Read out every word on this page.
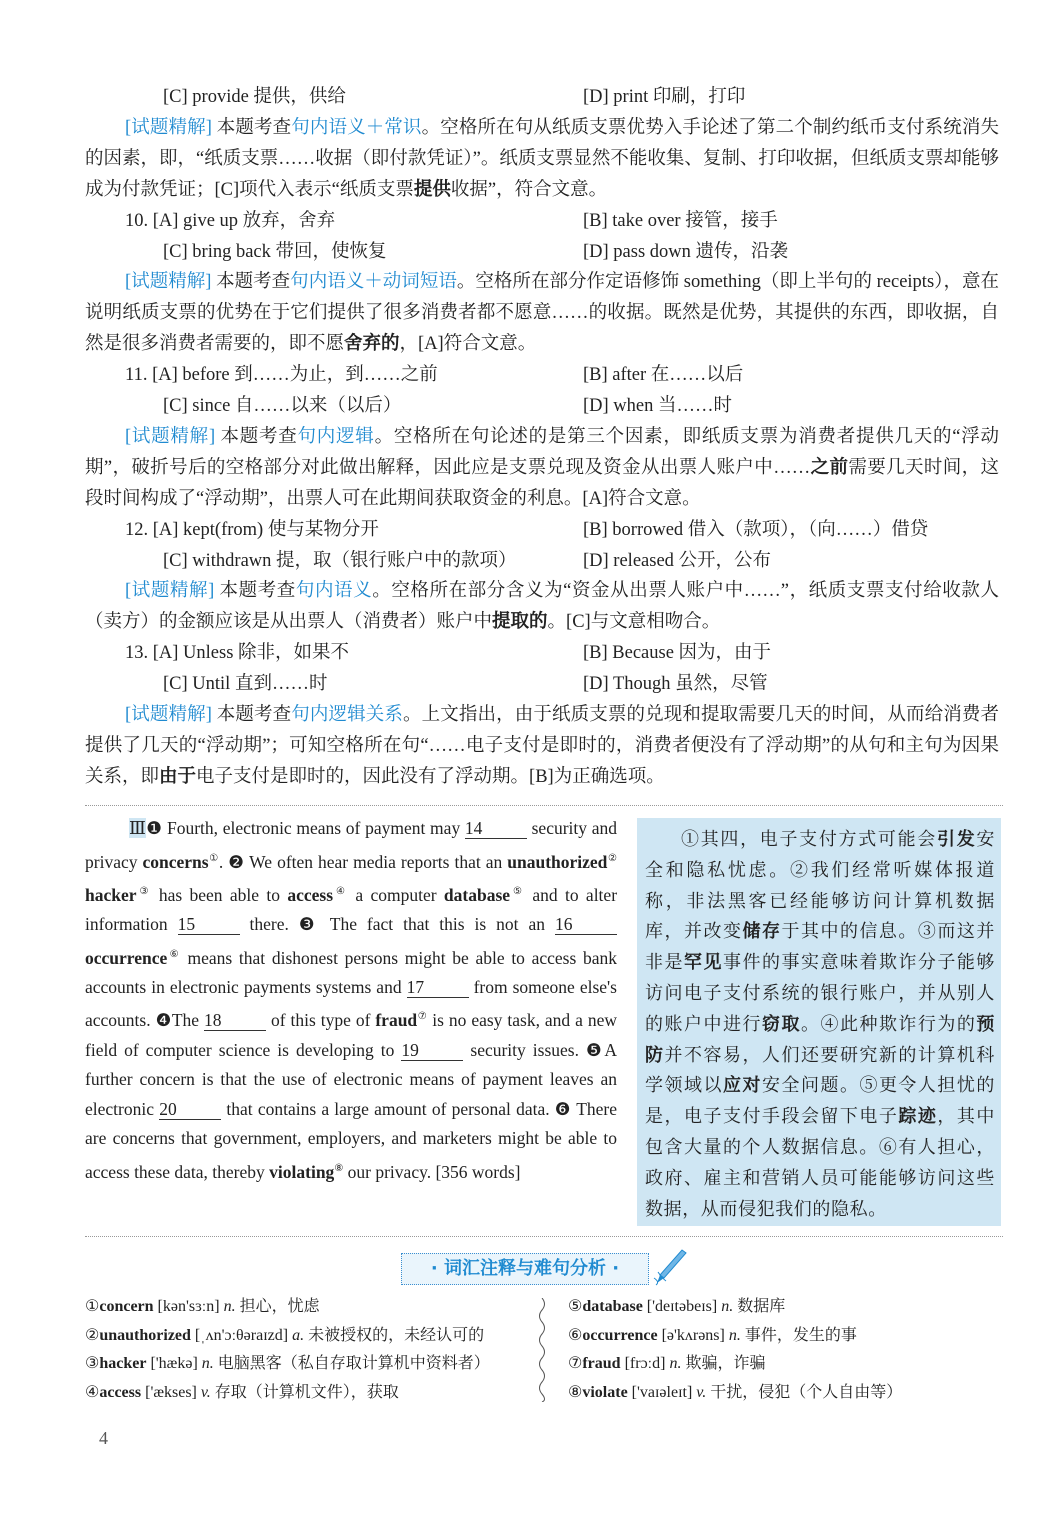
[C] provide 提供，供给	[D] print 印刷，打印
[试题精解] 本题考查句内语义＋常识。空格所在句从纸质支票优势入手论述了第二个制约纸币支付系统消失的因素，即，“纸质支票……收据（即付款凭证）”。纸质支票显然不能收集、复制、打印收据，但纸质支票却能够成为付款凭证；[C]项代入表示“纸质支票提供收据”，符合文意。
10. [A] give up 放弃，舍弃	[B] take over 接管，接手
[C] bring back 带回，使恢复	[D] pass down 遗传，沿袭
[试题精解] 本题考查句内语义＋动词短语。空格所在部分作定语修饰 something（即上半句的 receipts），意在说明纸质支票的优势在于它们提供了很多消费者都不愿意……的收据。既然是优势，其提供的东西，即收据，自然是很多消费者需要的，即不愿舍弃的，[A]符合文意。
11. [A] before 到……为止，到……之前	[B] after 在……以后
[C] since 自……以来（以后）	[D] when 当……时
[试题精解] 本题考查句内逻辑。空格所在句论述的是第三个因素，即纸质支票为消费者提供几天的“浮动期”，破折号后的空格部分对此做出解释，因此应是支票兑现及资金从出票人账户中……之前需要几天时间，这段时间构成了“浮动期”，出票人可在此期间获取资金的利息。[A]符合文意。
12. [A] kept(from) 使与某物分开	[B] borrowed 借入（款项），（向……）借贷
[C] withdrawn 提，取（银行账户中的款项）	[D] released 公开，公布
[试题精解] 本题考查句内语义。空格所在部分含义为“资金从出票人账户中……”，纸质支票支付给收款人（卖方）的金额应该是从出票人（消费者）账户中提取的。[C]与文意相吻合。
13. [A] Unless 除非，如果不	[B] Because 因为，由于
[C] Until 直到……时	[D] Though 虽然，尽管
[试题精解] 本题考查句内逻辑关系。上文指出，由于纸质支票的兑现和提取需要几天的时间，从而给消费者提供了几天的“浮动期”；可知空格所在句“……电子支付是即时的，消费者便没有了浮动期”的从句和主句为因果关系，即由于电子支付是即时的，因此没有了浮动期。[B]为正确选项。
Ⅲ❶ Fourth, electronic means of payment may 14	security and privacy concerns①. ❷ We often hear media reports that an unauthorized② hacker③ has been able to access④ a computer database⑤ and to alter information 15	there. ❸ The fact that this is not an 16 occurrence⑥ means that dishonest persons might be able to access bank accounts in electronic payments systems and 17	from someone else's accounts. ❹The 18	of this type of fraud⑦ is no easy task, and a new field of computer science is developing to 19	security issues. ❺A further concern is that the use of electronic means of payment leaves an electronic 20	that contains a large amount of personal data. ❻ There are concerns that government, employers, and marketers might be able to access these data, thereby violating⑧ our privacy. [356 words]
①其四，电子支付方式可能会引发安全和隐私忧虑。②我们经常听媒体报道称，非法黑客已经能够访问计算机数据库，并改变储存于其中的信息。③而这并非是罕见事件的事实意味着欺诈分子能够访问电子支付系统的银行账户，并从别人的账户中进行窃取。④此种欺诈行为的预防并不容易，人们还要研究新的计算机科学领域以应对安全问题。⑤更令人担忧的是，电子支付手段会留下电子踪迹，其中包含大量的个人数据信息。⑥有人担心，政府、雇主和营销人员可能能够访问这些数据，从而侵犯我们的隐私。
· 词汇注释与难句分析 ·
①concern [kən'sɜːn] n. 担心，忧虑
②unauthorized [ˌʌn'ɔːθəraɪzd] a. 未被授权的，未经认可的
③hacker ['hækə] n. 电脑黑客（私自存取计算机中资料者）
④access ['ækses] v. 存取（计算机文件），获取
⑤database ['deɪtəbeɪs] n. 数据库
⑥occurrence [ə'kʌrəns] n. 事件，发生的事
⑦fraud [frɔːd] n. 欺骗，诈骗
⑧violate ['vaɪəleɪt] v. 干扰，侵犯（个人自由等）
4
